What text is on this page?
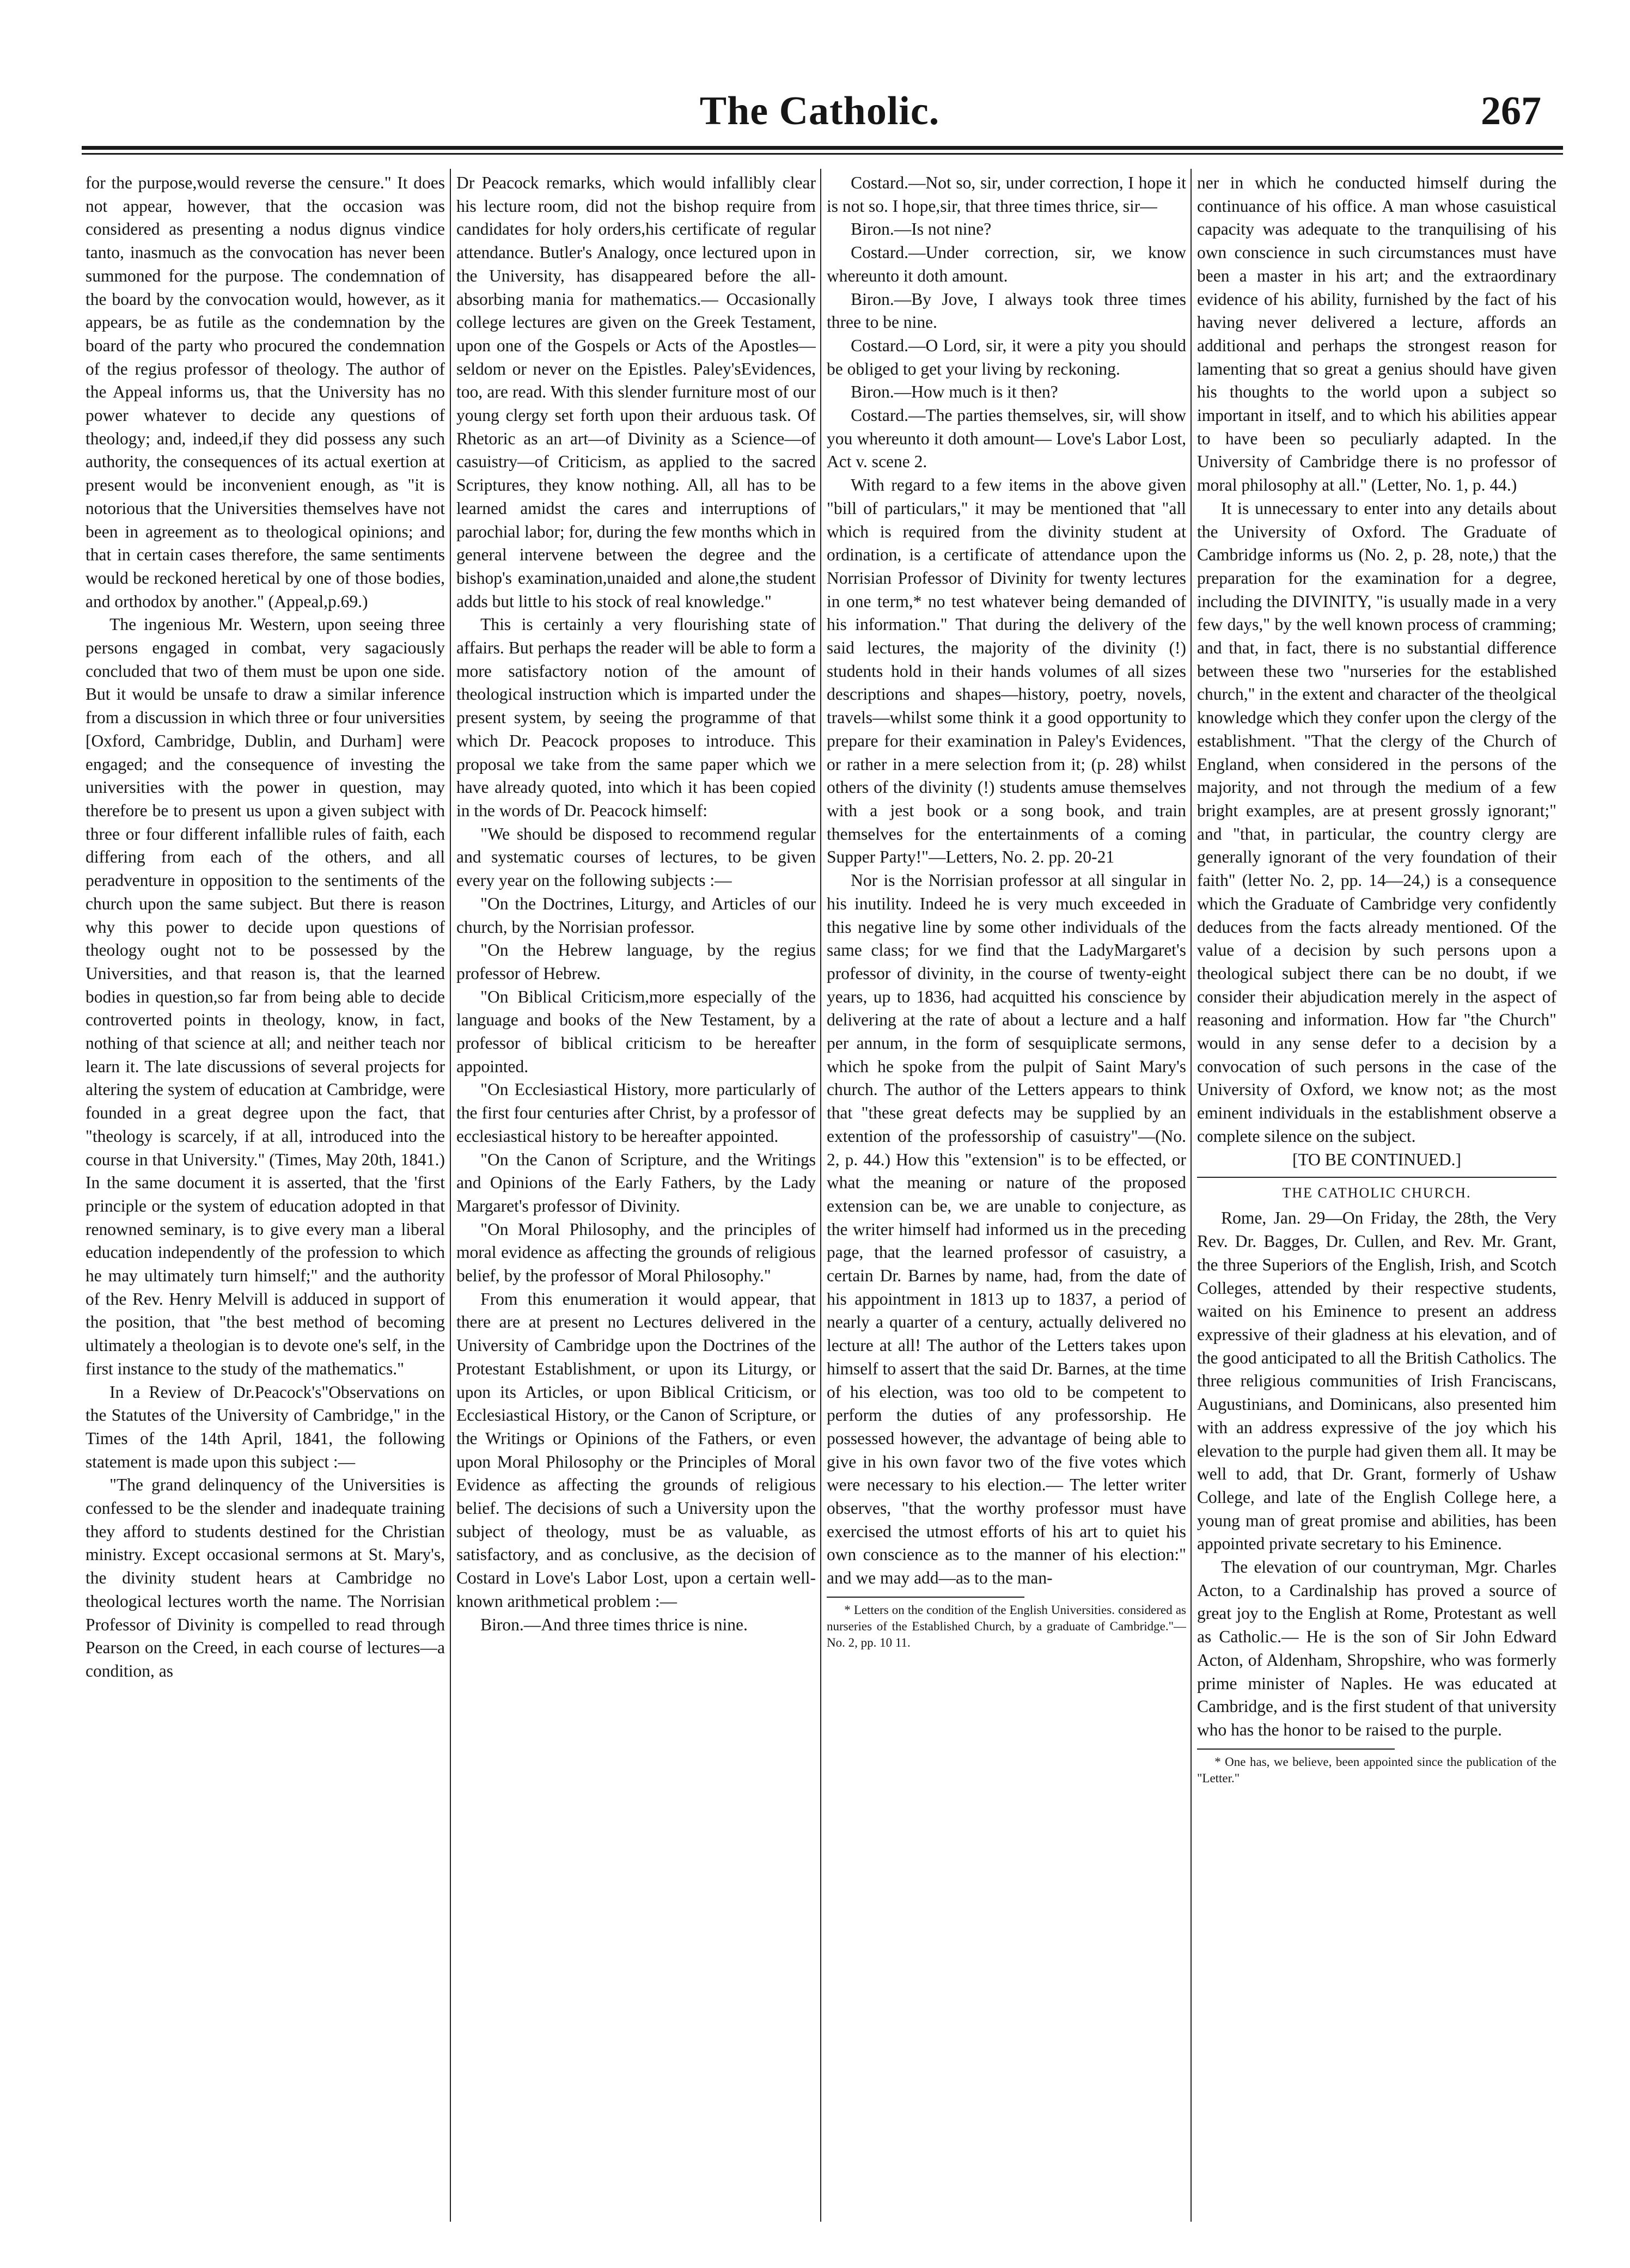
The Catholic.	267

for the purpose,would reverse the censure." It does not appear, however, that the occasion was considered as presenting a nodus dignus vindice tanto, inasmuch as the convocation has never been summoned for the purpose. The condemnation of the board by the convocation would, however, as it appears, be as futile as the condemnation by the board of the party who procured the condemnation of the regius professor of theology. The author of the Appeal informs us, that the University has no power whatever to decide any questions of theology; and, indeed,if they did possess any such authority, the consequences of its actual exertion at present would be inconvenient enough, as "it is notorious that the Universities themselves have not been in agreement as to theological opinions; and that in certain cases therefore, the same sentiments would be reckoned heretical by one of those bodies, and orthodox by another." (Appeal,p.69.)

The ingenious Mr. Western, upon seeing three persons engaged in combat, very sagaciously concluded that two of them must be upon one side. But it would be unsafe to draw a similar inference from a discussion in which three or four universities [Oxford, Cambridge, Dublin, and Durham] were engaged; and the consequence of investing the universities with the power in question, may therefore be to present us upon a given subject with three or four different infallible rules of faith, each differing from each of the others, and all peradventure in opposition to the sentiments of the church upon the same subject. But there is reason why this power to decide upon questions of theology ought not to be possessed by the Universities, and that reason is, that the learned bodies in question,so far from being able to decide controverted points in theology, know, in fact, nothing of that science at all; and neither teach nor learn it. The late discussions of several projects for altering the system of education at Cambridge, were founded in a great degree upon the fact, that "theology is scarcely, if at all, introduced into the course in that University." (Times, May 20th, 1841.) In the same document it is asserted, that the 'first principle or the system of education adopted in that renowned seminary, is to give every man a liberal education independently of the profession to which he may ultimately turn himself;" and the authority of the Rev. Henry Melvill is adduced in support of the position, that "the best method of becoming ultimately a theologian is to devote one's self, in the first instance to the study of the mathematics."

In a Review of Dr.Peacock's"Observations on the Statutes of the University of Cambridge," in the Times of the 14th April, 1841, the following statement is made upon this subject :—

"The grand delinquency of the Universities is confessed to be the slender and inadequate training they afford to students destined for the Christian ministry. Except occasional sermons at St. Mary's, the divinity student hears at Cambridge no theological lectures worth the name. The Norrisian Professor of Divinity is compelled to read through Pearson on the Creed, in each course of lectures—a condition, as

Dr Peacock remarks, which would infallibly clear his lecture room, did not the bishop require from candidates for holy orders,his certificate of regular attendance. Butler's Analogy, once lectured upon in the University, has disappeared before the all-absorbing mania for mathematics.— Occasionally college lectures are given on the Greek Testament, upon one of the Gospels or Acts of the Apostles—seldom or never on the Epistles. Paley'sEvidences, too, are read. With this slender furniture most of our young clergy set forth upon their arduous task. Of Rhetoric as an art—of Divinity as a Science—of casuistry—of Criticism, as applied to the sacred Scriptures, they know nothing. All, all has to be learned amidst the cares and interruptions of parochial labor; for, during the few months which in general intervene between the degree and the bishop's examination,unaided and alone,the student adds but little to his stock of real knowledge."

This is certainly a very flourishing state of affairs. But perhaps the reader will be able to form a more satisfactory notion of the amount of theological instruction which is imparted under the present system, by seeing the programme of that which Dr. Peacock proposes to introduce. This proposal we take from the same paper which we have already quoted, into which it has been copied in the words of Dr. Peacock himself:

"We should be disposed to recommend regular and systematic courses of lectures, to be given every year on the following subjects :—

"On the Doctrines, Liturgy, and Articles of our church, by the Norrisian professor.

"On the Hebrew language, by the regius professor of Hebrew.

"On Biblical Criticism,more especially of the language and books of the New Testament, by a professor of biblical criticism to be hereafter appointed.

"On Ecclesiastical History, more particularly of the first four centuries after Christ, by a professor of ecclesiastical history to be hereafter appointed.

"On the Canon of Scripture, and the Writings and Opinions of the Early Fathers, by the Lady Margaret's professor of Divinity.

"On Moral Philosophy, and the principles of moral evidence as affecting the grounds of religious belief, by the professor of Moral Philosophy."

From this enumeration it would appear, that there are at present no Lectures delivered in the University of Cambridge upon the Doctrines of the Protestant Establishment, or upon its Liturgy, or upon its Articles, or upon Biblical Criticism, or Ecclesiastical History, or the Canon of Scripture, or the Writings or Opinions of the Fathers, or even upon Moral Philosophy or the Principles of Moral Evidence as affecting the grounds of religious belief. The decisions of such a University upon the subject of theology, must be as valuable, as satisfactory, and as conclusive, as the decision of Costard in Love's Labor Lost, upon a certain well-known arithmetical problem :—

Biron.—And three times thrice is nine.

Costard.—Not so, sir, under correction, I hope it is not so. I hope,sir, that three times thrice, sir—

Biron.—Is not nine?

Costard.—Under correction, sir, we know whereunto it doth amount.

Biron.—By Jove, I always took three times three to be nine.

Costard.—O Lord, sir, it were a pity you should be obliged to get your living by reckoning.

Biron.—How much is it then?

Costard.—The parties themselves, sir, will show you whereunto it doth amount— Love's Labor Lost, Act v. scene 2.

With regard to a few items in the above given "bill of particulars," it may be mentioned that "all which is required from the divinity student at ordination, is a certificate of attendance upon the Norrisian Professor of Divinity for twenty lectures in one term,* no test whatever being demanded of his information." That during the delivery of the said lectures, the majority of the divinity (!) students hold in their hands volumes of all sizes descriptions and shapes—history, poetry, novels, travels—whilst some think it a good opportunity to prepare for their examination in Paley's Evidences, or rather in a mere selection from it; (p. 28) whilst others of the divinity (!) students amuse themselves with a jest book or a song book, and train themselves for the entertainments of a coming Supper Party!"—Letters, No. 2. pp. 20-21

Nor is the Norrisian professor at all singular in his inutility. Indeed he is very much exceeded in this negative line by some other individuals of the same class; for we find that the LadyMargaret's professor of divinity, in the course of twenty-eight years, up to 1836, had acquitted his conscience by delivering at the rate of about a lecture and a half per annum, in the form of sesquiplicate sermons, which he spoke from the pulpit of Saint Mary's church. The author of the Letters appears to think that "these great defects may be supplied by an extention of the professorship of casuistry"—(No. 2, p. 44.) How this "extension" is to be effected, or what the meaning or nature of the proposed extension can be, we are unable to conjecture, as the writer himself had informed us in the preceding page, that the learned professor of casuistry, a certain Dr. Barnes by name, had, from the date of his appointment in 1813 up to 1837, a period of nearly a quarter of a century, actually delivered no lecture at all! The author of the Letters takes upon himself to assert that the said Dr. Barnes, at the time of his election, was too old to be competent to perform the duties of any professorship. He possessed however, the advantage of being able to give in his own favor two of the five votes which were necessary to his election.— The letter writer observes, "that the worthy professor must have exercised the utmost efforts of his art to quiet his own conscience as to the manner of his election:" and we may add—as to the man-

* Letters on the condition of the English Universities. considered as nurseries of the Established Church, by a graduate of Cambridge."— No. 2, pp. 10 11.

ner in which he conducted himself during the continuance of his office. A man whose casuistical capacity was adequate to the tranquilising of his own conscience in such circumstances must have been a master in his art; and the extraordinary evidence of his ability, furnished by the fact of his having never delivered a lecture, affords an additional and perhaps the strongest reason for lamenting that so great a genius should have given his thoughts to the world upon a subject so important in itself, and to which his abilities appear to have been so peculiarly adapted. In the University of Cambridge there is no professor of moral philosophy at all." (Letter, No. 1, p. 44.)

It is unnecessary to enter into any details about the University of Oxford. The Graduate of Cambridge informs us (No. 2, p. 28, note,) that the preparation for the examination for a degree, including the DIVINITY, "is usually made in a very few days," by the well known process of cramming; and that, in fact, there is no substantial difference between these two "nurseries for the established church," in the extent and character of the theolgical knowledge which they confer upon the clergy of the establishment. "That the clergy of the Church of England, when considered in the persons of the majority, and not through the medium of a few bright examples, are at present grossly ignorant;" and "that, in particular, the country clergy are generally ignorant of the very foundation of their faith" (letter No. 2, pp. 14—24,) is a consequence which the Graduate of Cambridge very confidently deduces from the facts already mentioned. Of the value of a decision by such persons upon a theological subject there can be no doubt, if we consider their abjudication merely in the aspect of reasoning and information. How far "the Church" would in any sense defer to a decision by a convocation of such persons in the case of the University of Oxford, we know not; as the most eminent individuals in the establishment observe a complete silence on the subject.

[TO BE CONTINUED.]

THE CATHOLIC CHURCH.

Rome, Jan. 29—On Friday, the 28th, the Very Rev. Dr. Bagges, Dr. Cullen, and Rev. Mr. Grant, the three Superiors of the English, Irish, and Scotch Colleges, attended by their respective students, waited on his Eminence to present an address expressive of their gladness at his elevation, and of the good anticipated to all the British Catholics. The three religious communities of Irish Franciscans, Augustinians, and Dominicans, also presented him with an address expressive of the joy which his elevation to the purple had given them all. It may be well to add, that Dr. Grant, formerly of Ushaw College, and late of the English College here, a young man of great promise and abilities, has been appointed private secretary to his Eminence.

The elevation of our countryman, Mgr. Charles Acton, to a Cardinalship has proved a source of great joy to the English at Rome, Protestant as well as Catholic.— He is the son of Sir John Edward Acton, of Aldenham, Shropshire, who was formerly prime minister of Naples. He was educated at Cambridge, and is the first student of that university who has the honor to be raised to the purple.

* One has, we believe, been appointed since the publication of the "Letter."
